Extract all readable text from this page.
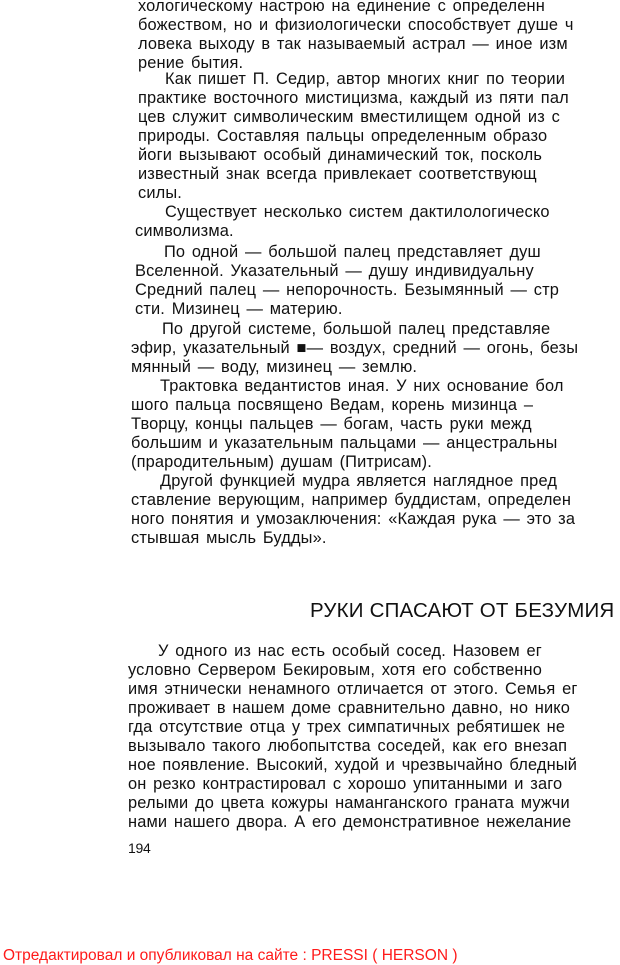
хологическому настрою на единение с определенн
божеством, но и физиологически способствует душе ч
ловека выходу в так называемый астрал — иное изм
рение бытия.
Как пишет П. Седир, автор многих книг по теории
практике восточного мистицизма, каждый из пяти пал
цев служит символическим вместилищем одной из с
природы. Составляя пальцы определенным образо
йоги вызывают особый динамический ток, посколь
известный знак всегда привлекает соответствующ
силы.
Существует несколько систем дактилологическо
символизма.
По одной — большой палец представляет душ
Вселенной. Указательный — душу индивидуальну
Средний палец — непорочность. Безымянный — стр
сти. Мизинец — материю.
По другой системе, большой палец представляе
эфир, указательный ■— воздух, средний — огонь, безы
мянный — воду, мизинец — землю.
Трактовка ведантистов иная. У них основание бол
шого пальца посвящено Ведам, корень мизинца –
Творцу, концы пальцев — богам, часть руки межд
большим и указательным пальцами — анцестральны
(прародительным) душам (Питрисам).
Другой функцией мудра является наглядное пред
ставление верующим, например буддистам, определен
ного понятия и умозаключения: «Каждая рука — это за
стывшая мысль Будды».
РУКИ СПАСАЮТ ОТ БЕЗУМИЯ
У одного из нас есть особый сосед. Назовем ег
условно Сервером Бекировым, хотя его собственно
имя этнически ненамного отличается от этого. Семья ег
проживает в нашем доме сравнительно давно, но нико
гда отсутствие отца у трех симпатичных ребятишек не
вызывало такого любопытства соседей, как его внезап
ное появление. Высокий, худой и чрезвычайно бледный
он резко контрастировал с хорошо упитанными и заго
релыми до цвета кожуры наманганского граната мужчи
нами нашего двора. А его демонстративное нежелание
194
Отредактировал и опубликовал на сайте : PRESSI ( HERSON )
